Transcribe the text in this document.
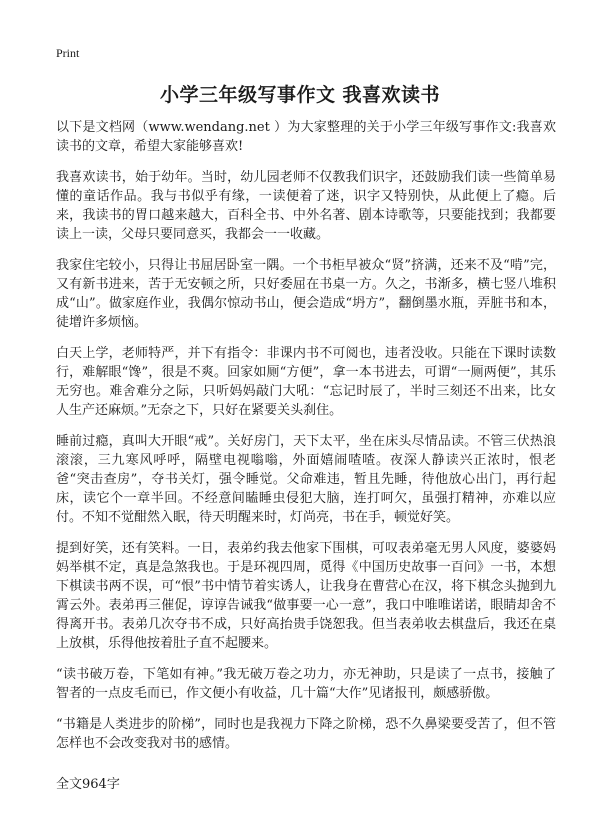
Print
小学三年级写事作文 我喜欢读书

以下是文档网（www.wendang.net ）为大家整理的关于小学三年级写事作文:我喜欢读书的文章，希望大家能够喜欢!

我喜欢读书，始于幼年。当时，幼儿园老师不仅教我们识字，还鼓励我们读一些简单易懂的童话作品。我与书似乎有缘，一读便着了迷，识字又特别快，从此便上了瘾。后来，我读书的胃口越来越大，百科全书、中外名著、剧本诗歌等，只要能找到；我都要读上一读，父母只要同意买，我都会一一收藏。

我家住宅较小，只得让书屈居卧室一隅。一个书柜早被众“贤”挤满，还来不及“啃”完，又有新书进来，苦于无安顿之所，只好委屈在书桌一方。久之，书渐多，横七竖八堆积成“山”。做家庭作业，我偶尔惊动书山，便会造成“坍方”，翻倒墨水瓶，弄脏书和本，徒增许多烦恼。

白天上学，老师特严，并下有指令：非课内书不可阅也，违者没收。只能在下课时读数行，难解眼“馋”，很是不爽。回家如厕“方便”，拿一本书进去，可谓“一厕两便”，其乐无穷也。难舍难分之际，只听妈妈敲门大吼：“忘记时辰了，半时三刻还不出来，比女人生产还麻烦。”无奈之下，只好在紧要关头刹住。

睡前过瘾，真叫大开眼“戒”。关好房门，天下太平，坐在床头尽情品读。不管三伏热浪滚滚，三九寒风呼呼，隔壁电视嗡嗡，外面嬉闹喳喳。夜深人静读兴正浓时，恨老爸“突击查房”，夺书关灯，强令睡觉。父命难违，暂且先睡，待他放心出门，再行起床，读它个一章半回。不经意间瞌睡虫侵犯大脑，连打呵欠，虽强打精神，亦难以应付。不知不觉酣然入眠，待天明醒来时，灯尚亮，书在手，顿觉好笑。

提到好笑，还有笑料。一日，表弟约我去他家下围棋，可叹表弟毫无男人风度，婆婆妈妈举棋不定，真是急煞我也。于是环视四周，觅得《中国历史故事一百问》一书，本想下棋读书两不误，可“恨”书中情节着实诱人，让我身在曹营心在汉，将下棋念头抛到九霄云外。表弟再三催促，谆谆告诫我“做事要一心一意”，我口中唯唯诺诺，眼睛却舍不得离开书。表弟几次夺书不成，只好高抬贵手饶恕我。但当表弟收去棋盘后，我还在桌上放棋，乐得他按着肚子直不起腰来。

“读书破万卷，下笔如有神。”我无破万卷之功力，亦无神助，只是读了一点书，接触了智者的一点皮毛而已，作文便小有收益，几十篇“大作”见诸报刊，颇感骄傲。

“书籍是人类进步的阶梯”，同时也是我视力下降之阶梯，恐不久鼻梁要受苦了，但不管怎样也不会改变我对书的感情。

全文964字
